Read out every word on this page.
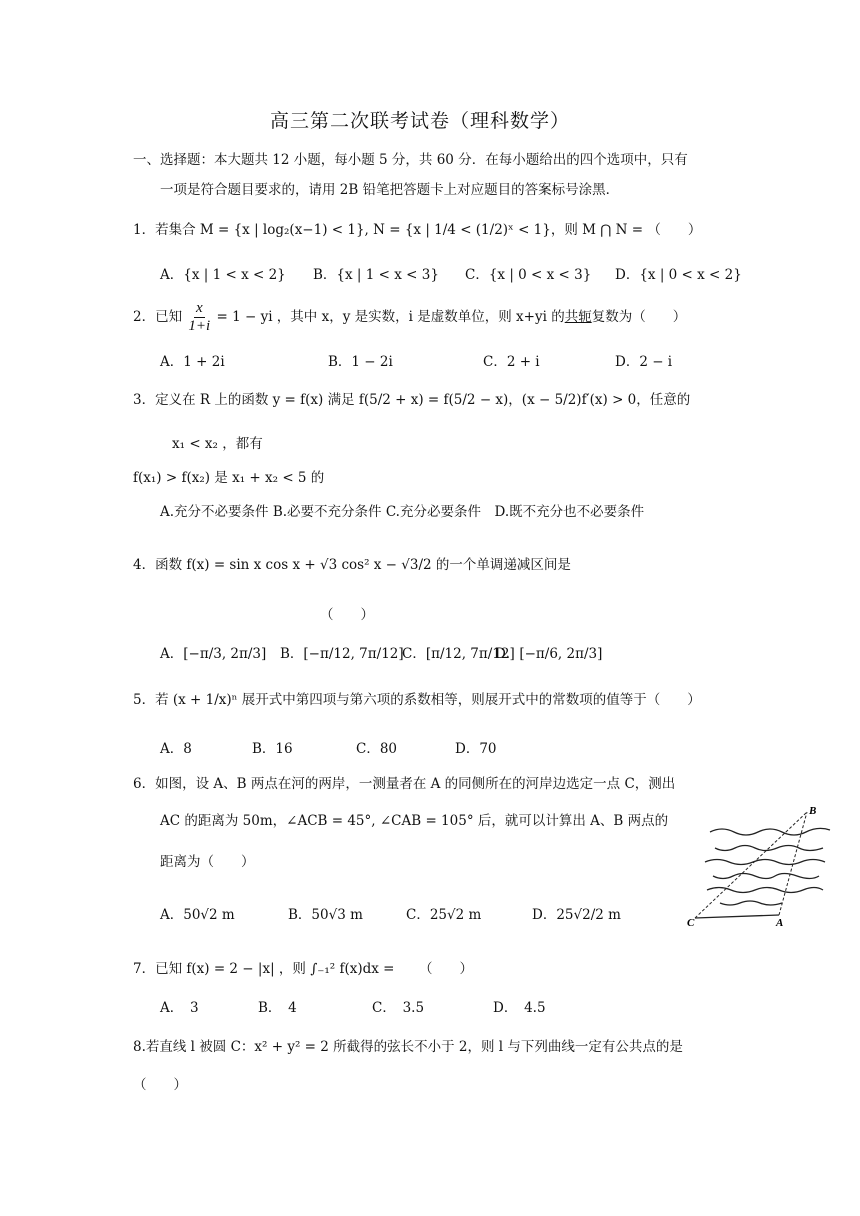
高三第二次联考试卷（理科数学）
一、选择题：本大题共 12 小题，每小题 5 分，共 60 分．在每小题给出的四个选项中，只有
一项是符合题目要求的，请用 2B 铅笔把答题卡上对应题目的答案标号涂黑．
1．若集合 M = {x | log₂(x−1) < 1}, N = {x | 1/4 < (1/2)ˣ < 1}，则 M ⋂ N = （　　）
A．{x | 1 < x < 2} B．{x | 1 < x < 3} C．{x | 0 < x < 3} D．{x | 0 < x < 2}
2．已知 $\frac{x}{1+i} = 1$ − yi ，其中 x，y 是实数，i 是虚数单位，则 x+yi 的共轭复数为（　　）
A．1 + 2i	B．1 − 2i	C．2 + i	D．2 − i
3．定义在 R 上的函数 y = f(x) 满足 f(5/2 + x) = f(5/2 − x)，(x − 5/2)f′(x) > 0，任意的
x₁ < x₂ ，都有
f(x₁) > f(x₂) 是 x₁ + x₂ < 5 的
A.充分不必要条件 B.必要不充分条件 C.充分必要条件　D.既不充分也不必要条件
4．函数 f(x) = sin x cos x + √3 cos² x − √3/2 的一个单调递减区间是
（　　）
A．[−π/3, 2π/3] B．[−π/12, 7π/12]
C．[π/12, 7π/12]
D．[−π/6, 2π/3]
5．若 (x + 1/x)ⁿ 展开式中第四项与第六项的系数相等，则展开式中的常数项的值等于（　　）
A．8	B．16	C．80	D．70
6．如图，设 A、B 两点在河的两岸，一测量者在 A 的同侧所在的河岸边选定一点 C，测出
AC 的距离为 50m，∠ACB = 45°, ∠CAB = 105° 后，就可以计算出 A、B 两点的
距离为（　　）
A．50√2 m	B．50√3 m	C．25√2 m	D．25√2/2 m
B
C	A
7．已知 f(x) = 2 − |x| ，则 ∫₋₁² f(x)dx = 　　（　　）
A．　3	B．　4	C．　3.5	D．　4.5
8.若直线 l 被圆 C：x² + y² = 2 所截得的弦长不小于 2，则 l 与下列曲线一定有公共点的是
（　　）
